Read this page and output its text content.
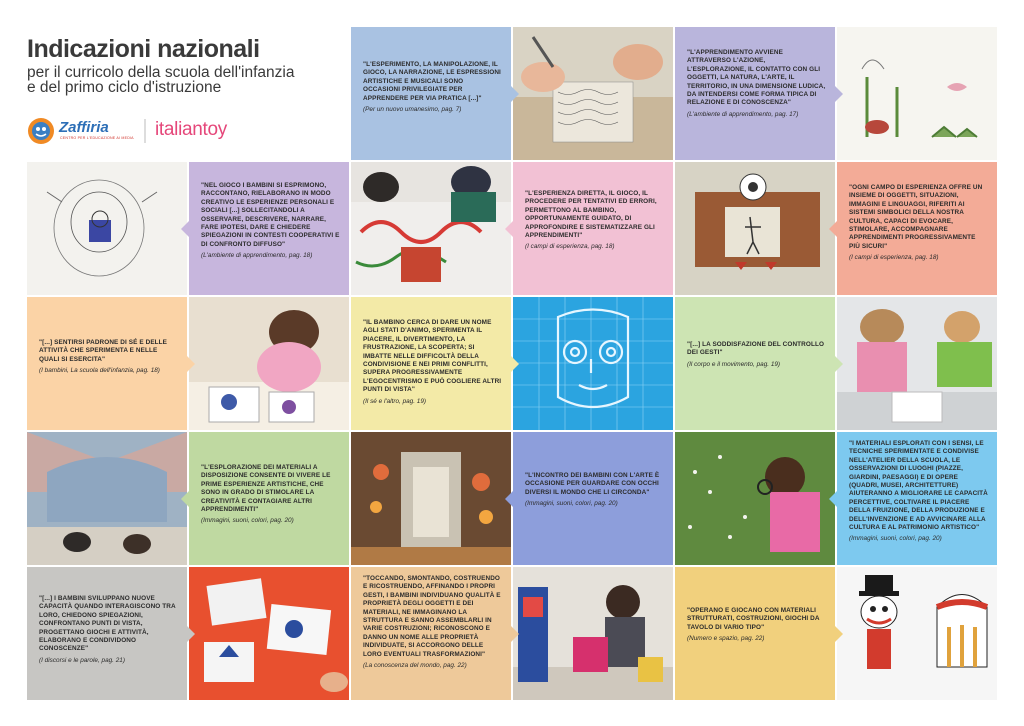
Indicazioni nazionali
per il curricolo della scuola dell'infanzia
e del primo ciclo d'istruzione
Zaffiria
CENTRO PER L'EDUCAZIONE AI MEDIA italiantoy
"L'ESPERIMENTO, LA MANIPOLAZIONE, IL GIOCO, LA NARRAZIONE, LE ESPRESSIONI ARTISTICHE E MUSICALI SONO OCCASIONI PRIVILEGIATE PER APPRENDERE PER VIA PRATICA [...]"
(Per un nuovo umanesimo, pag. 7)
"L'APPRENDIMENTO AVVIENE ATTRAVERSO L'AZIONE, L'ESPLORAZIONE, IL CONTATTO CON GLI OGGETTI, LA NATURA, L'ARTE, IL TERRITORIO, IN UNA DIMENSIONE LUDICA, DA INTENDERSI COME FORMA TIPICA DI RELAZIONE E DI CONOSCENZA"
(L'ambiente di apprendimento, pag. 17)
"NEL GIOCO I BAMBINI SI ESPRIMONO, RACCONTANO, RIELABORANO IN MODO CREATIVO LE ESPERIENZE PERSONALI E SOCIALI [...] SOLLECITANDOLI A OSSERVARE, DESCRIVERE, NARRARE, FARE IPOTESI, DARE E CHIEDERE SPIEGAZIONI IN CONTESTI COOPERATIVI E DI CONFRONTO DIFFUSO"
(L'ambiente di apprendimento, pag. 18)
"L'ESPERIENZA DIRETTA, IL GIOCO, IL PROCEDERE PER TENTATIVI ED ERRORI, PERMETTONO AL BAMBINO, OPPORTUNAMENTE GUIDATO, DI APPROFONDIRE E SISTEMATIZZARE GLI APPRENDIMENTI"
(I campi di esperienza, pag. 18)
"OGNI CAMPO DI ESPERIENZA OFFRE UN INSIEME DI OGGETTI, SITUAZIONI, IMMAGINI E LINGUAGGI, RIFERITI AI SISTEMI SIMBOLICI DELLA NOSTRA CULTURA, CAPACI DI EVOCARE, STIMOLARE, ACCOMPAGNARE APPRENDIMENTI PROGRESSIVAMENTE PIÙ SICURI"
(I campi di esperienza, pag. 18)
"[...] SENTIRSI PADRONE DI SÉ E DELLE ATTIVITÀ CHE SPERIMENTA E NELLE QUALI SI ESERCITA"
(I bambini, La scuola dell'infanzia, pag. 18)
"IL BAMBINO CERCA DI DARE UN NOME AGLI STATI D'ANIMO, SPERIMENTA IL PIACERE, IL DIVERTIMENTO, LA FRUSTRAZIONE, LA SCOPERTA; SI IMBATTE NELLE DIFFICOLTÀ DELLA CONDIVISIONE E NEI PRIMI CONFLITTI, SUPERA PROGRESSIVAMENTE L'EGOCENTRISMO E PUÒ COGLIERE ALTRI PUNTI DI VISTA"
(Il sé e l'altro, pag. 19)
"[...] LA SODDISFAZIONE DEL CONTROLLO DEI GESTI"
(Il corpo e il movimento, pag. 19)
"L'ESPLORAZIONE DEI MATERIALI A DISPOSIZIONE CONSENTE DI VIVERE LE PRIME ESPERIENZE ARTISTICHE, CHE SONO IN GRADO DI STIMOLARE LA CREATIVITÀ E CONTAGIARE ALTRI APPRENDIMENTI"
(Immagini, suoni, colori, pag. 20)
"L'INCONTRO DEI BAMBINI CON L'ARTE È OCCASIONE PER GUARDARE CON OCCHI DIVERSI IL MONDO CHE LI CIRCONDA"
(Immagini, suoni, colori, pag. 20)
"I MATERIALI ESPLORATI CON I SENSI, LE TECNICHE SPERIMENTATE E CONDIVISE NELL'ATELIER DELLA SCUOLA, LE OSSERVAZIONI DI LUOGHI (PIAZZE, GIARDINI, PAESAGGI) E DI OPERE (QUADRI, MUSEI, ARCHITETTURE) AIUTERANNO A MIGLIORARE LE CAPACITÀ PERCETTIVE, COLTIVARE IL PIACERE DELLA FRUIZIONE, DELLA PRODUZIONE E DELL'INVENZIONE E AD AVVICINARE ALLA CULTURA E AL PATRIMONIO ARTISTICO"
(Immagini, suoni, colori, pag. 20)
"[...] I BAMBINI SVILUPPANO NUOVE CAPACITÀ QUANDO INTERAGISCONO TRA LORO, CHIEDONO SPIEGAZIONI, CONFRONTANO PUNTI DI VISTA, PROGETTANO GIOCHI E ATTIVITÀ, ELABORANO E CONDIVIDONO CONOSCENZE"
(I discorsi e le parole, pag. 21)
"TOCCANDO, SMONTANDO, COSTRUENDO E RICOSTRUENDO, AFFINANDO I PROPRI GESTI, I BAMBINI INDIVIDUANO QUALITÀ E PROPRIETÀ DEGLI OGGETTI E DEI MATERIALI, NE IMMAGINANO LA STRUTTURA E SANNO ASSEMBLARLI IN VARIE COSTRUZIONI; RICONOSCONO E DANNO UN NOME ALLE PROPRIETÀ INDIVIDUATE, SI ACCORGONO DELLE LORO EVENTUALI TRASFORMAZIONI"
(La conoscenza del mondo, pag. 22)
"OPERANO E GIOCANO CON MATERIALI STRUTTURATI, COSTRUZIONI, GIOCHI DA TAVOLO DI VARIO TIPO"
(Numero e spazio, pag. 22)
